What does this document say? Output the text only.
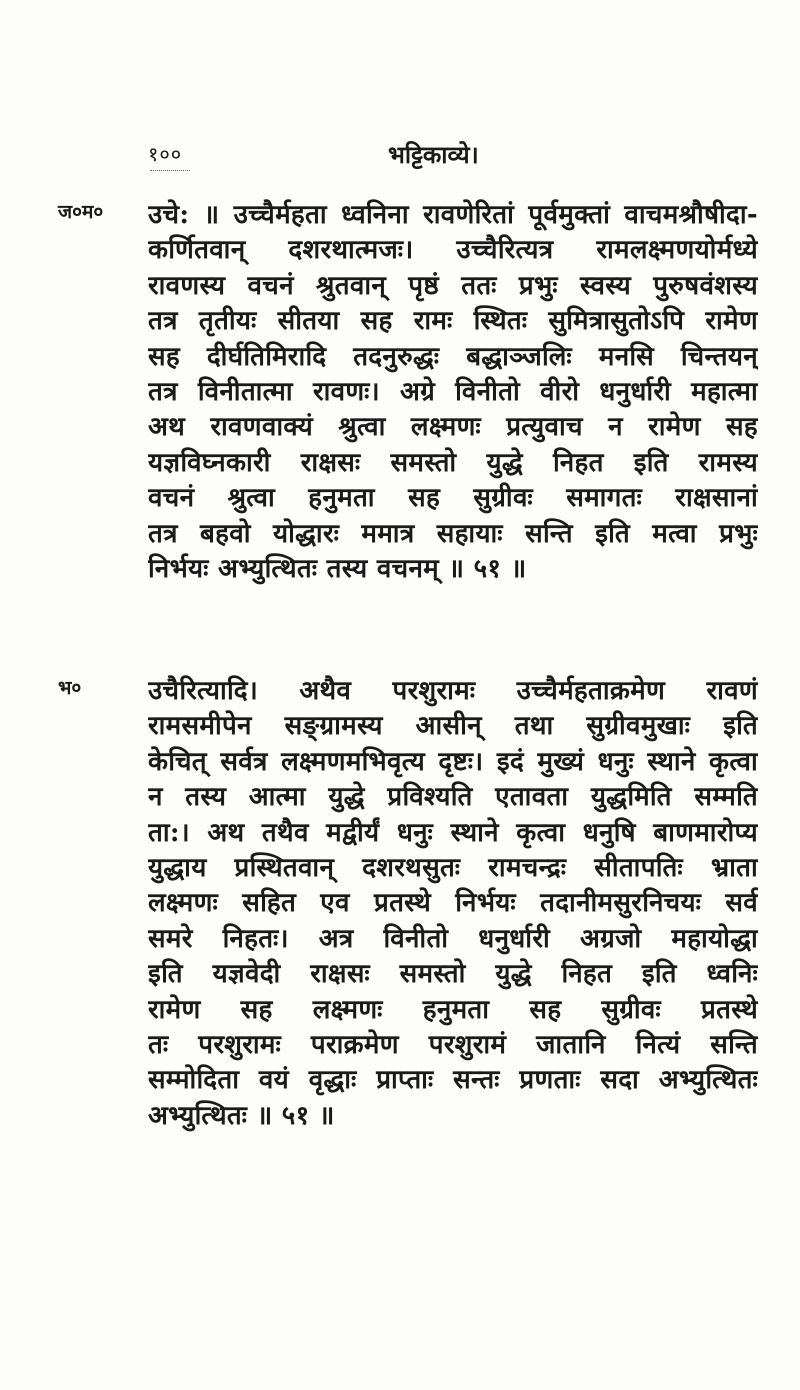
१००	भट्टिकाव्ये।
ज०म० उचे: ॥ उच्चैर्महता ध्वनिना रावणेरितां पूर्वमुक्तां वाचमश्रौषीदा-

कर्णितवान्‌ दशरथात्मजः। उच्चैरित्यत्र रामलक्ष्मणयोर्मध्ये

रावणस्य वचनं श्रुतवान्‌ पृष्ठं ततः प्रभुः स्वस्य पुरुषवंशस्य

तत्र तृतीयः सीतया सह रामः स्थितः सुमित्रासुतोऽपि रामेण

सह दीर्घतिमिरादि तदनुरुद्धः बद्धाञ्जलिः मनसि चिन्तयन्‌

तत्र विनीतात्मा रावणः। अग्रे विनीतो वीरो धनुर्धारी महात्मा

अथ रावणवाक्यं श्रुत्वा लक्ष्मणः प्रत्युवाच न रामेण सह

यज्ञविघ्नकारी राक्षसः समस्तो युद्धे निहत इति रामस्य

वचनं श्रुत्वा हनुमता सह सुग्रीवः समागतः राक्षसानां

तत्र बहवो योद्धारः ममात्र सहायाः सन्ति इति मत्वा प्रभुः

निर्भयः अभ्युत्थितः तस्य वचनम्‌ ॥ ५१ ॥

भ०	उचैरित्यादि। अथैव परशुरामः उच्चैर्महताक्रमेण रावणं

रामसमीपेन सङ्ग्रामस्य आसीन्‌ तथा सुग्रीवमुखाः इति

केचित्‌ सर्वत्र लक्ष्मणमभिवृत्य दृष्टः। इदं मुख्यं धनुः स्थाने कृत्वा

न तस्य आत्मा युद्धे प्रविश्यति एतावता युद्धमिति सम्मति

ता:। अथ तथैव मद्वीर्यं धनुः स्थाने कृत्वा धनुषि बाणमारोप्य

युद्धाय प्रस्थितवान्‌ दशरथसुतः रामचन्द्रः सीतापतिः भ्राता

लक्ष्मणः सहित एव प्रतस्थे निर्भयः तदानीमसुरनिचयः सर्व

समरे निहतः। अत्र विनीतो धनुर्धारी अग्रजो महायोद्धा

इति यज्ञवेदी राक्षसः समस्तो युद्धे निहत इति ध्वनिः

रामेण सह लक्ष्मणः हनुमता सह सुग्रीवः प्रतस्थे

तः परशुरामः पराक्रमेण परशुरामं जातानि नित्यं सन्ति

सम्मोदिता वयं वृद्धाः प्राप्ताः सन्तः प्रणताः सदा अभ्युत्थितः

अभ्युत्थितः ॥ ५१ ॥
